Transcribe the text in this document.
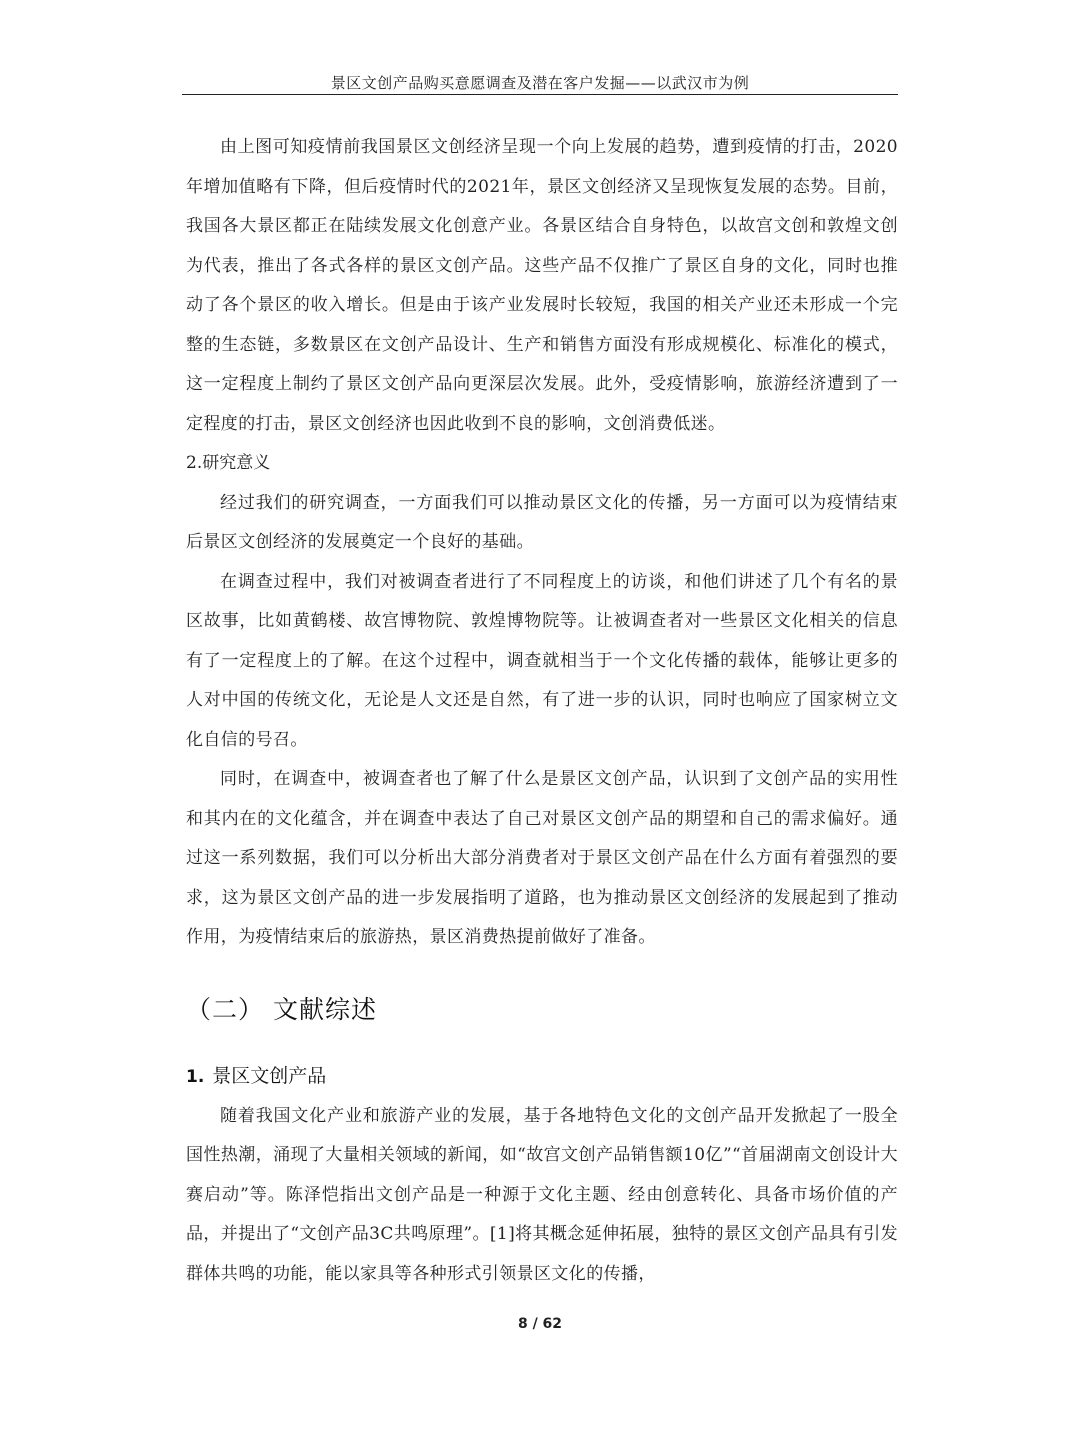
景区文创产品购买意愿调查及潜在客户发掘——以武汉市为例

由上图可知疫情前我国景区文创经济呈现一个向上发展的趋势，遭到疫情的打击，2020年增加值略有下降，但后疫情时代的2021年，景区文创经济又呈现恢复发展的态势。目前，我国各大景区都正在陆续发展文化创意产业。各景区结合自身特色，以故宫文创和敦煌文创为代表，推出了各式各样的景区文创产品。这些产品不仅推广了景区自身的文化，同时也推动了各个景区的收入增长。但是由于该产业发展时长较短，我国的相关产业还未形成一个完整的生态链，多数景区在文创产品设计、生产和销售方面没有形成规模化、标准化的模式，这一定程度上制约了景区文创产品向更深层次发展。此外，受疫情影响，旅游经济遭到了一定程度的打击，景区文创经济也因此收到不良的影响，文创消费低迷。

2.研究意义

经过我们的研究调查，一方面我们可以推动景区文化的传播，另一方面可以为疫情结束后景区文创经济的发展奠定一个良好的基础。

在调查过程中，我们对被调查者进行了不同程度上的访谈，和他们讲述了几个有名的景区故事，比如黄鹤楼、故宫博物院、敦煌博物院等。让被调查者对一些景区文化相关的信息有了一定程度上的了解。在这个过程中，调查就相当于一个文化传播的载体，能够让更多的人对中国的传统文化，无论是人文还是自然，有了进一步的认识，同时也响应了国家树立文化自信的号召。

同时，在调查中，被调查者也了解了什么是景区文创产品，认识到了文创产品的实用性和其内在的文化蕴含，并在调查中表达了自己对景区文创产品的期望和自己的需求偏好。通过这一系列数据，我们可以分析出大部分消费者对于景区文创产品在什么方面有着强烈的要求，这为景区文创产品的进一步发展指明了道路，也为推动景区文创经济的发展起到了推动作用，为疫情结束后的旅游热，景区消费热提前做好了准备。

（二） 文献综述

1. 景区文创产品

随着我国文化产业和旅游产业的发展，基于各地特色文化的文创产品开发掀起了一股全国性热潮，涌现了大量相关领域的新闻，如“故宫文创产品销售额10亿”“首届湖南文创设计大赛启动”等。陈泽恺指出文创产品是一种源于文化主题、经由创意转化、具备市场价值的产品，并提出了“文创产品3C共鸣原理”。[1]将其概念延伸拓展，独特的景区文创产品具有引发群体共鸣的功能，能以家具等各种形式引领景区文化的传播，

8 / 62
